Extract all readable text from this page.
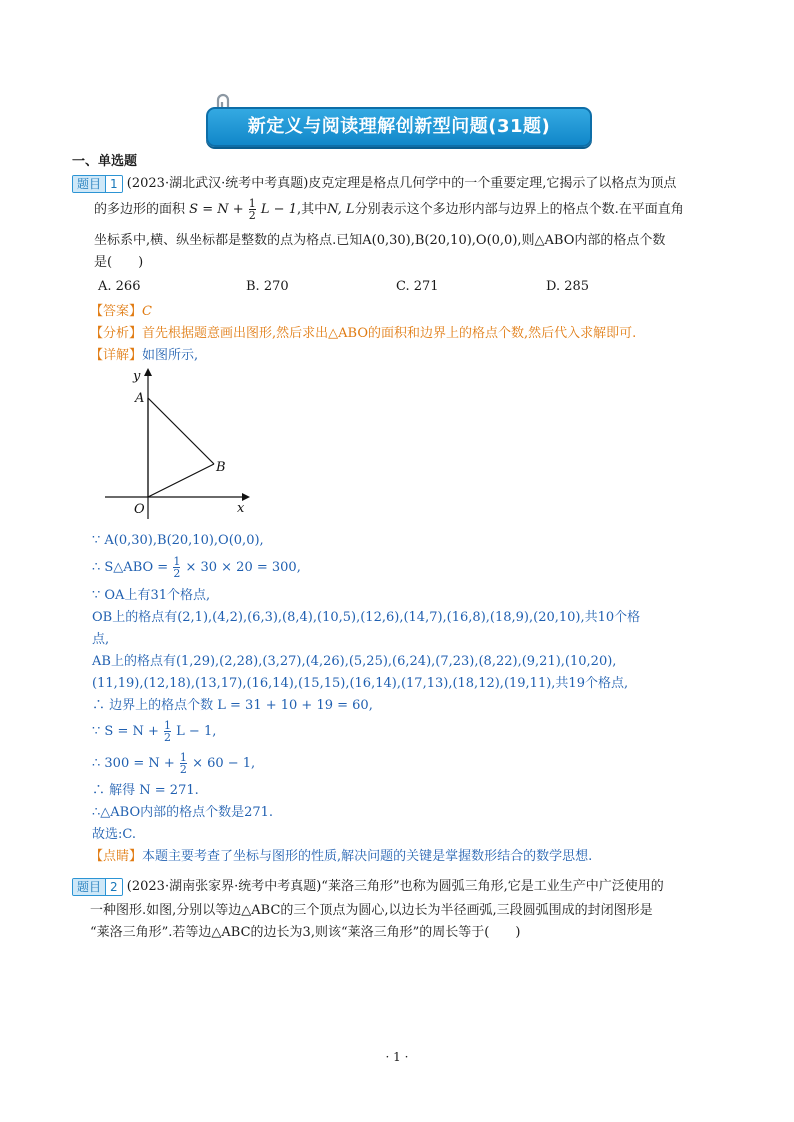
新定义与阅读理解创新型问题(31题)
一、单选题
题目 1 (2023·湖北武汉·统考中考真题)皮克定理是格点几何学中的一个重要定理,它揭示了以格点为顶点
的多边形的面积 $S = N + \frac{1}{2}$ L − 1,其中N, L分别表示这个多边形内部与边界上的格点个数.在平面直角
坐标系中,横、纵坐标都是整数的点为格点.已知A(0,30),B(20,10),O(0,0),则△ABO内部的格点个数
是(　　)
A. 266	B. 270	C. 271	D. 285
【答案】C
【分析】首先根据题意画出图形,然后求出△ABO的面积和边界上的格点个数,然后代入求解即可.
【详解】如图所示,
y
x
A
B
O
∵ A(0,30),B(20,10),O(0,0),
∴ S△ABO = $\frac{1}{2} \times 30 \times 20 = 300$,
∵ OA上有31个格点,
OB上的格点有(2,1),(4,2),(6,3),(8,4),(10,5),(12,6),(14,7),(16,8),(18,9),(20,10),共10个格
点,
AB上的格点有(1,29),(2,28),(3,27),(4,26),(5,25),(6,24),(7,23),(8,22),(9,21),(10,20),
(11,19),(12,18),(13,17),(16,14),(15,15),(16,14),(17,13),(18,12),(19,11),共19个格点,
∴ 边界上的格点个数 L = 31 + 10 + 19 = 60,
∵ $S = N + \frac{1}{2}$ L − 1,
∴ $300 = N + \frac{1}{2} \times 60 - 1$,
∴ 解得 N = 271.
∴△ABO内部的格点个数是271.
故选:C.
【点睛】本题主要考查了坐标与图形的性质,解决问题的关键是掌握数形结合的数学思想.
题目 2 (2023·湖南张家界·统考中考真题)“莱洛三角形”也称为圆弧三角形,它是工业生产中广泛使用的
一种图形.如图,分别以等边△ABC的三个顶点为圆心,以边长为半径画弧,三段圆弧围成的封闭图形是
“莱洛三角形”.若等边△ABC的边长为3,则该“莱洛三角形”的周长等于(　　)
· 1 ·
